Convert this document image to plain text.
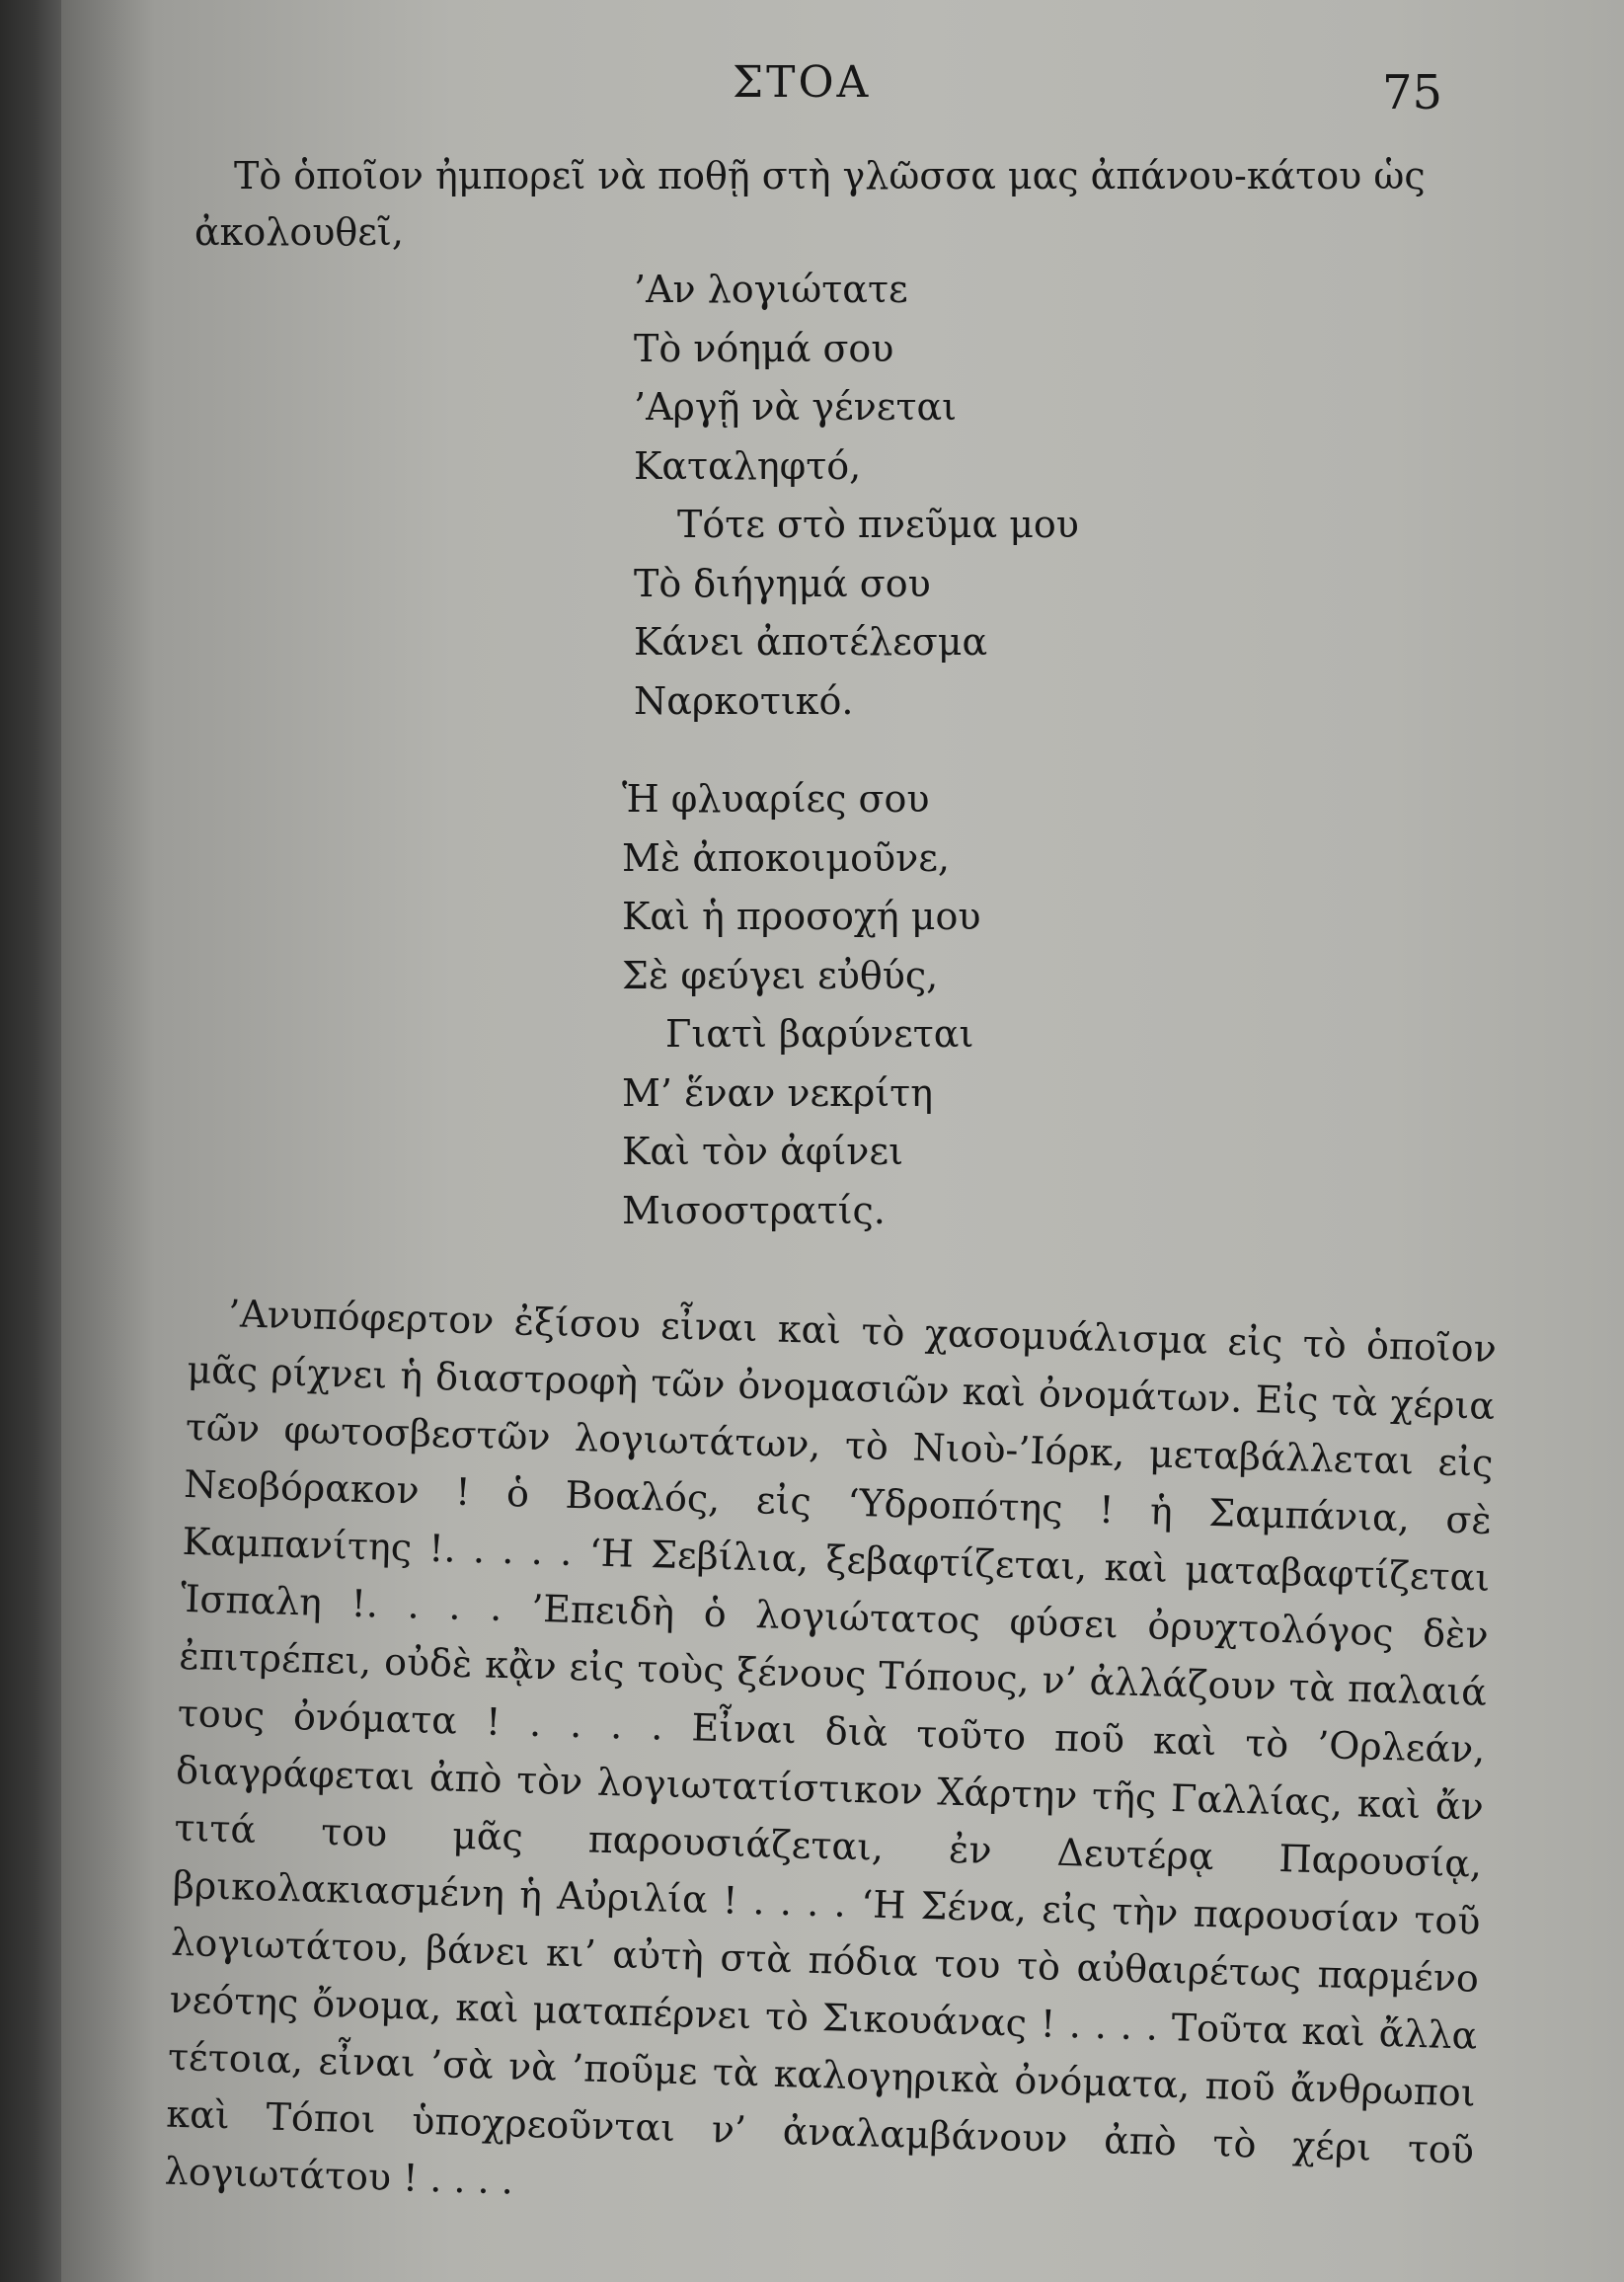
ΣΤΟΑ	75

Τὸ ὁποῖον ἠμπορεῖ νὰ ποθῇ στὴ γλῶσσα μας ἀπάνου-κάτου ὡς ἀκολουθεῖ,

’Αν λογιώτατε
Τὸ νόημά σου
’Αργῇ νὰ γένεται
Καταληφτό,
Τότε στὸ πνεῦμα μου
Τὸ διήγημά σου
Κάνει ἀποτέλεσμα
Ναρκοτικό.
Ἡ φλυαρίες σου
Μὲ ἀποκοιμοῦνε,
Καὶ ἡ προσοχή μου
Σὲ φεύγει εὐθύς,
Γιατὶ βαρύνεται
Μ’ ἕναν νεκρίτη
Καὶ τὸν ἀφίνει
Μισοστρατίς.

’Ανυπόφερτον ἐξίσου εἶναι καὶ τὸ χασομυάλισμα εἰς τὸ ὁποῖον μᾶς ρίχνει ἡ διαστροφὴ τῶν ὀνομασιῶν καὶ ὀνομάτων. Εἰς τὰ χέρια τῶν φωτοσβεστῶν λογιωτάτων, τὸ Νιοὺ-’Ιόρκ, μεταβάλλεται εἰς Νεοβόρακον ! ὁ Βοαλός, εἰς ‘Υδροπότης ! ἡ Σαμπάνια, σὲ Καμπανίτης !. . . . . ‘Η Σεβίλια, ξεβαφτίζεται, καὶ ματαβαφτίζεται Ἱσπαλη !. . . . ’Επειδὴ ὁ λογιώτατος φύσει ὀρυχτολόγος δὲν ἐπιτρέπει, οὐδὲ κᾂν εἰς τοὺς ξένους Τόπους, ν’ ἀλλάζουν τὰ παλαιά τους ὀνόματα ! . . . . Εἶναι διὰ τοῦτο ποῦ καὶ τὸ ’Ορλεάν, διαγράφεται ἀπὸ τὸν λογιωτατίστικον Χάρτην τῆς Γαλλίας, καὶ ἄν τιτά του μᾶς παρουσιάζεται, ἐν Δευτέρᾳ Παρουσίᾳ, βρικολακιασμένη ἡ Αὐριλία ! . . . . ‘Η Σένα, εἰς τὴν παρουσίαν τοῦ λογιωτάτου, βάνει κι’ αὐτὴ στὰ πόδια του τὸ αὐθαιρέτως παρμένο νεότης ὄνομα, καὶ ματαπέρνει τὸ Σικουάνας ! . . . . Τοῦτα καὶ ἄλλα τέτοια, εἶναι ’σὰ νὰ ’ποῦμε τὰ καλογηρικὰ ὀνόματα, ποῦ ἄνθρωποι καὶ Τόποι ὑποχρεοῦνται ν’ ἀναλαμβάνουν ἀπὸ τὸ χέρι τοῦ λογιωτάτου ! . . . .
